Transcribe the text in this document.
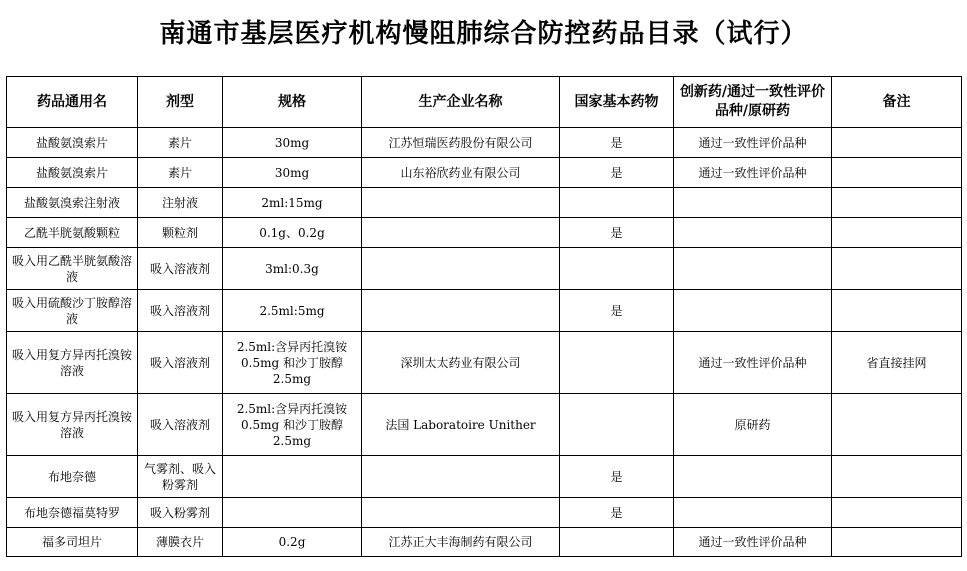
南通市基层医疗机构慢阻肺综合防控药品目录（试行）
药品通用名	剂型	规格	生产企业名称	国家基本药物	创新药/通过一致性评价品种/原研药	备注
盐酸氨溴索片	素片	30mg	江苏恒瑞医药股份有限公司	是	通过一致性评价品种	
盐酸氨溴索片	素片	30mg	山东裕欣药业有限公司	是	通过一致性评价品种	
盐酸氨溴索注射液	注射液	2ml:15mg				
乙酰半胱氨酸颗粒	颗粒剂	0.1g、0.2g		是		
吸入用乙酰半胱氨酸溶液	吸入溶液剂	3ml:0.3g				
吸入用硫酸沙丁胺醇溶液	吸入溶液剂	2.5ml:5mg		是		
吸入用复方异丙托溴铵溶液	吸入溶液剂	2.5ml:含异丙托溴铵 0.5mg 和沙丁胺醇 2.5mg	深圳太太药业有限公司		通过一致性评价品种	省直接挂网
吸入用复方异丙托溴铵溶液	吸入溶液剂	2.5ml:含异丙托溴铵 0.5mg 和沙丁胺醇 2.5mg	法国 Laboratoire Unither		原研药	
布地奈德	气雾剂、吸入粉雾剂			是		
布地奈德福莫特罗	吸入粉雾剂			是		
福多司坦片	薄膜衣片	0.2g	江苏正大丰海制药有限公司		通过一致性评价品种	
